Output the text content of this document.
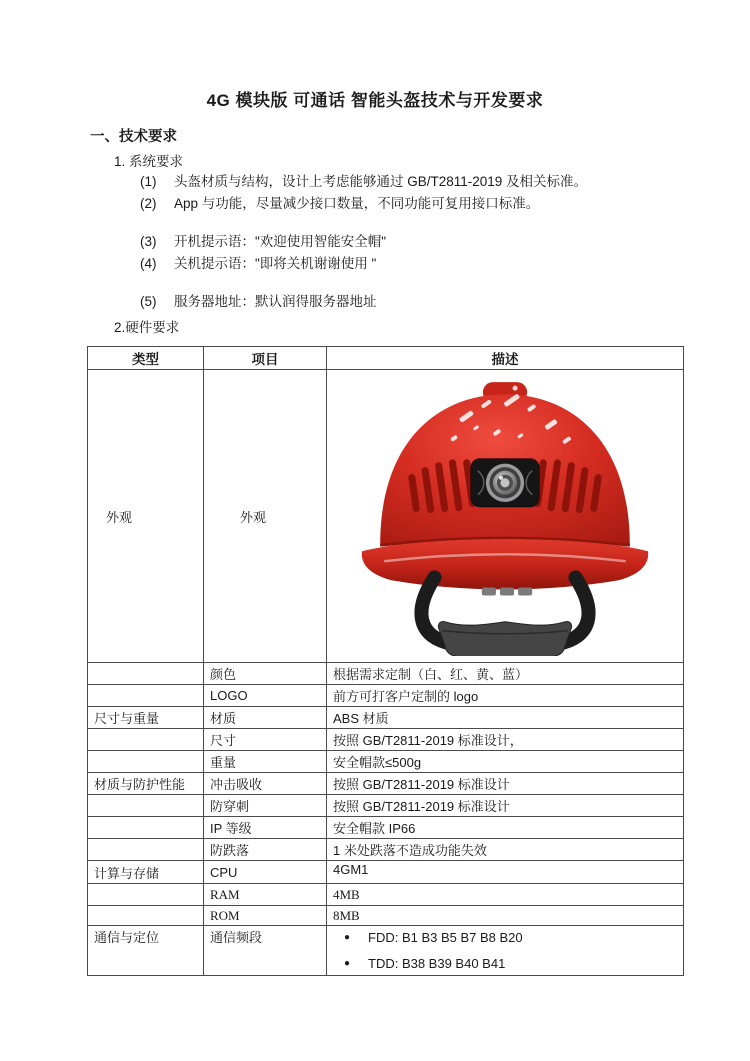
4G 模块版 可通话 智能头盔技术与开发要求
一、技术要求
1. 系统要求
(1)	头盔材质与结构，设计上考虑能够通过 GB/T2811-2019 及相关标准。
(2)	App 与功能，尽量减少接口数量，不同功能可复用接口标准。
(3)	开机提示语："欢迎使用智能安全帽"
(4)	关机提示语："即将关机谢谢使用 "
(5)	服务器地址：默认润得服务器地址
2.硬件要求
类型	项目	描述
外观	外观	
	颜色	根据需求定制（白、红、黄、蓝）
	LOGO	前方可打客户定制的 logo
尺寸与重量	材质	ABS 材质
	尺寸	按照 GB/T2811-2019 标准设计，
	重量	安全帽款≤500g
材质与防护性能	冲击吸收	按照 GB/T2811-2019 标准设计
	防穿刺	按照 GB/T2811-2019 标准设计
	IP 等级	安全帽款 IP66
	防跌落	1 米处跌落不造成功能失效
计算与存储	CPU	4GM1
	RAM	4MB
	ROM	8MB
通信与定位	通信频段	● FDD: B1 B3 B5 B7 B8 B20
● TDD: B38 B39 B40 B41
